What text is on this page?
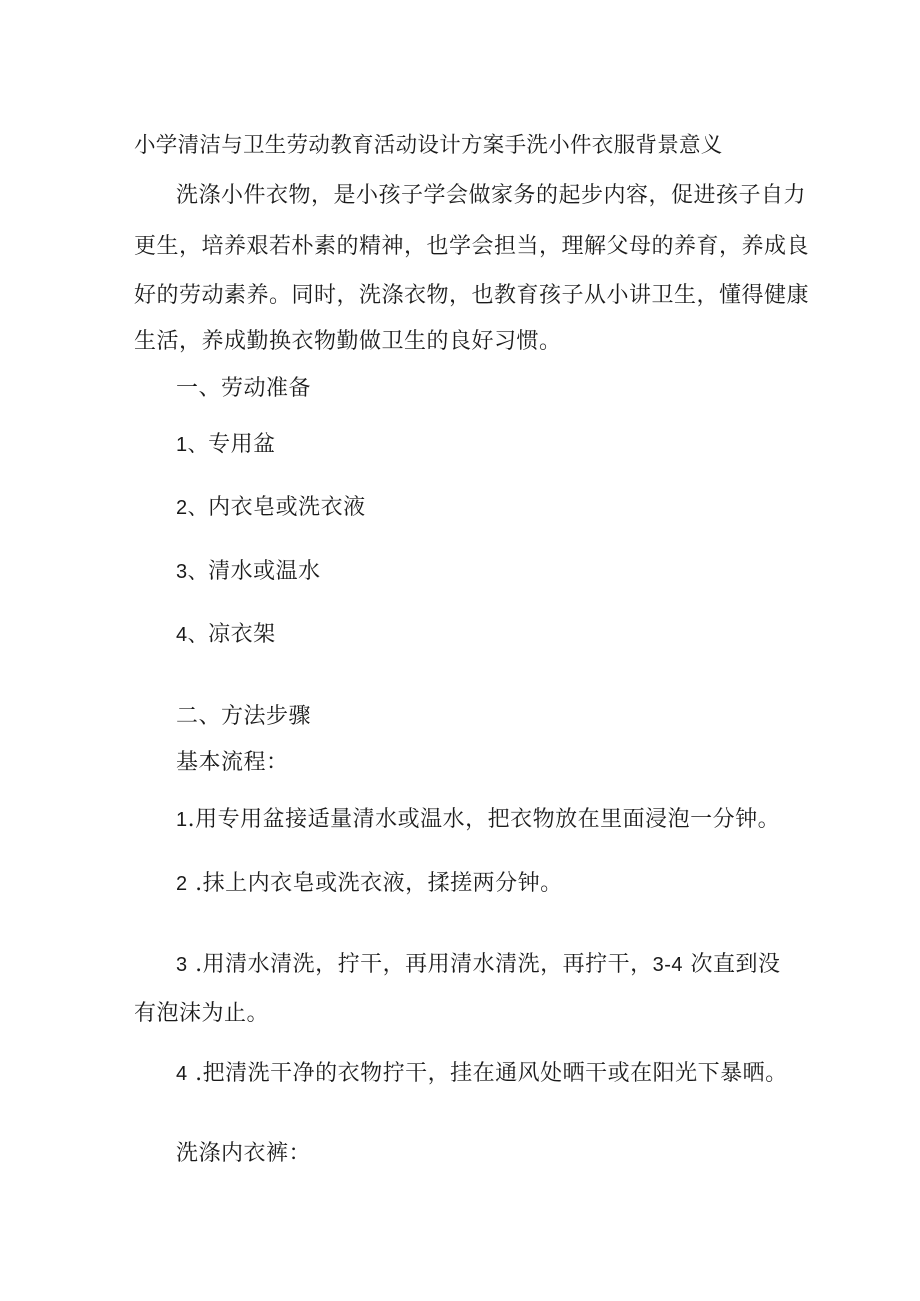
小学清洁与卫生劳动教育活动设计方案手洗小件衣服背景意义
洗涤小件衣物，是小孩子学会做家务的起步内容，促进孩子自力
更生，培养艰若朴素的精神，也学会担当，理解父母的养育，养成良
好的劳动素养。同时，洗涤衣物，也教育孩子从小讲卫生，懂得健康
生活，养成勤换衣物勤做卫生的良好习惯。
一、劳动准备
1、专用盆
2、内衣皂或洗衣液
3、清水或温水
4、凉衣架
二、方法步骤
基本流程：
1.用专用盆接适量清水或温水，把衣物放在里面浸泡一分钟。
2 .抹上内衣皂或洗衣液，揉搓两分钟。
3 .用清水清洗，拧干，再用清水清洗，再拧干，3-4 次直到没
有泡沫为止。
4 .把清洗干净的衣物拧干，挂在通风处晒干或在阳光下暴晒。
洗涤内衣裤：
